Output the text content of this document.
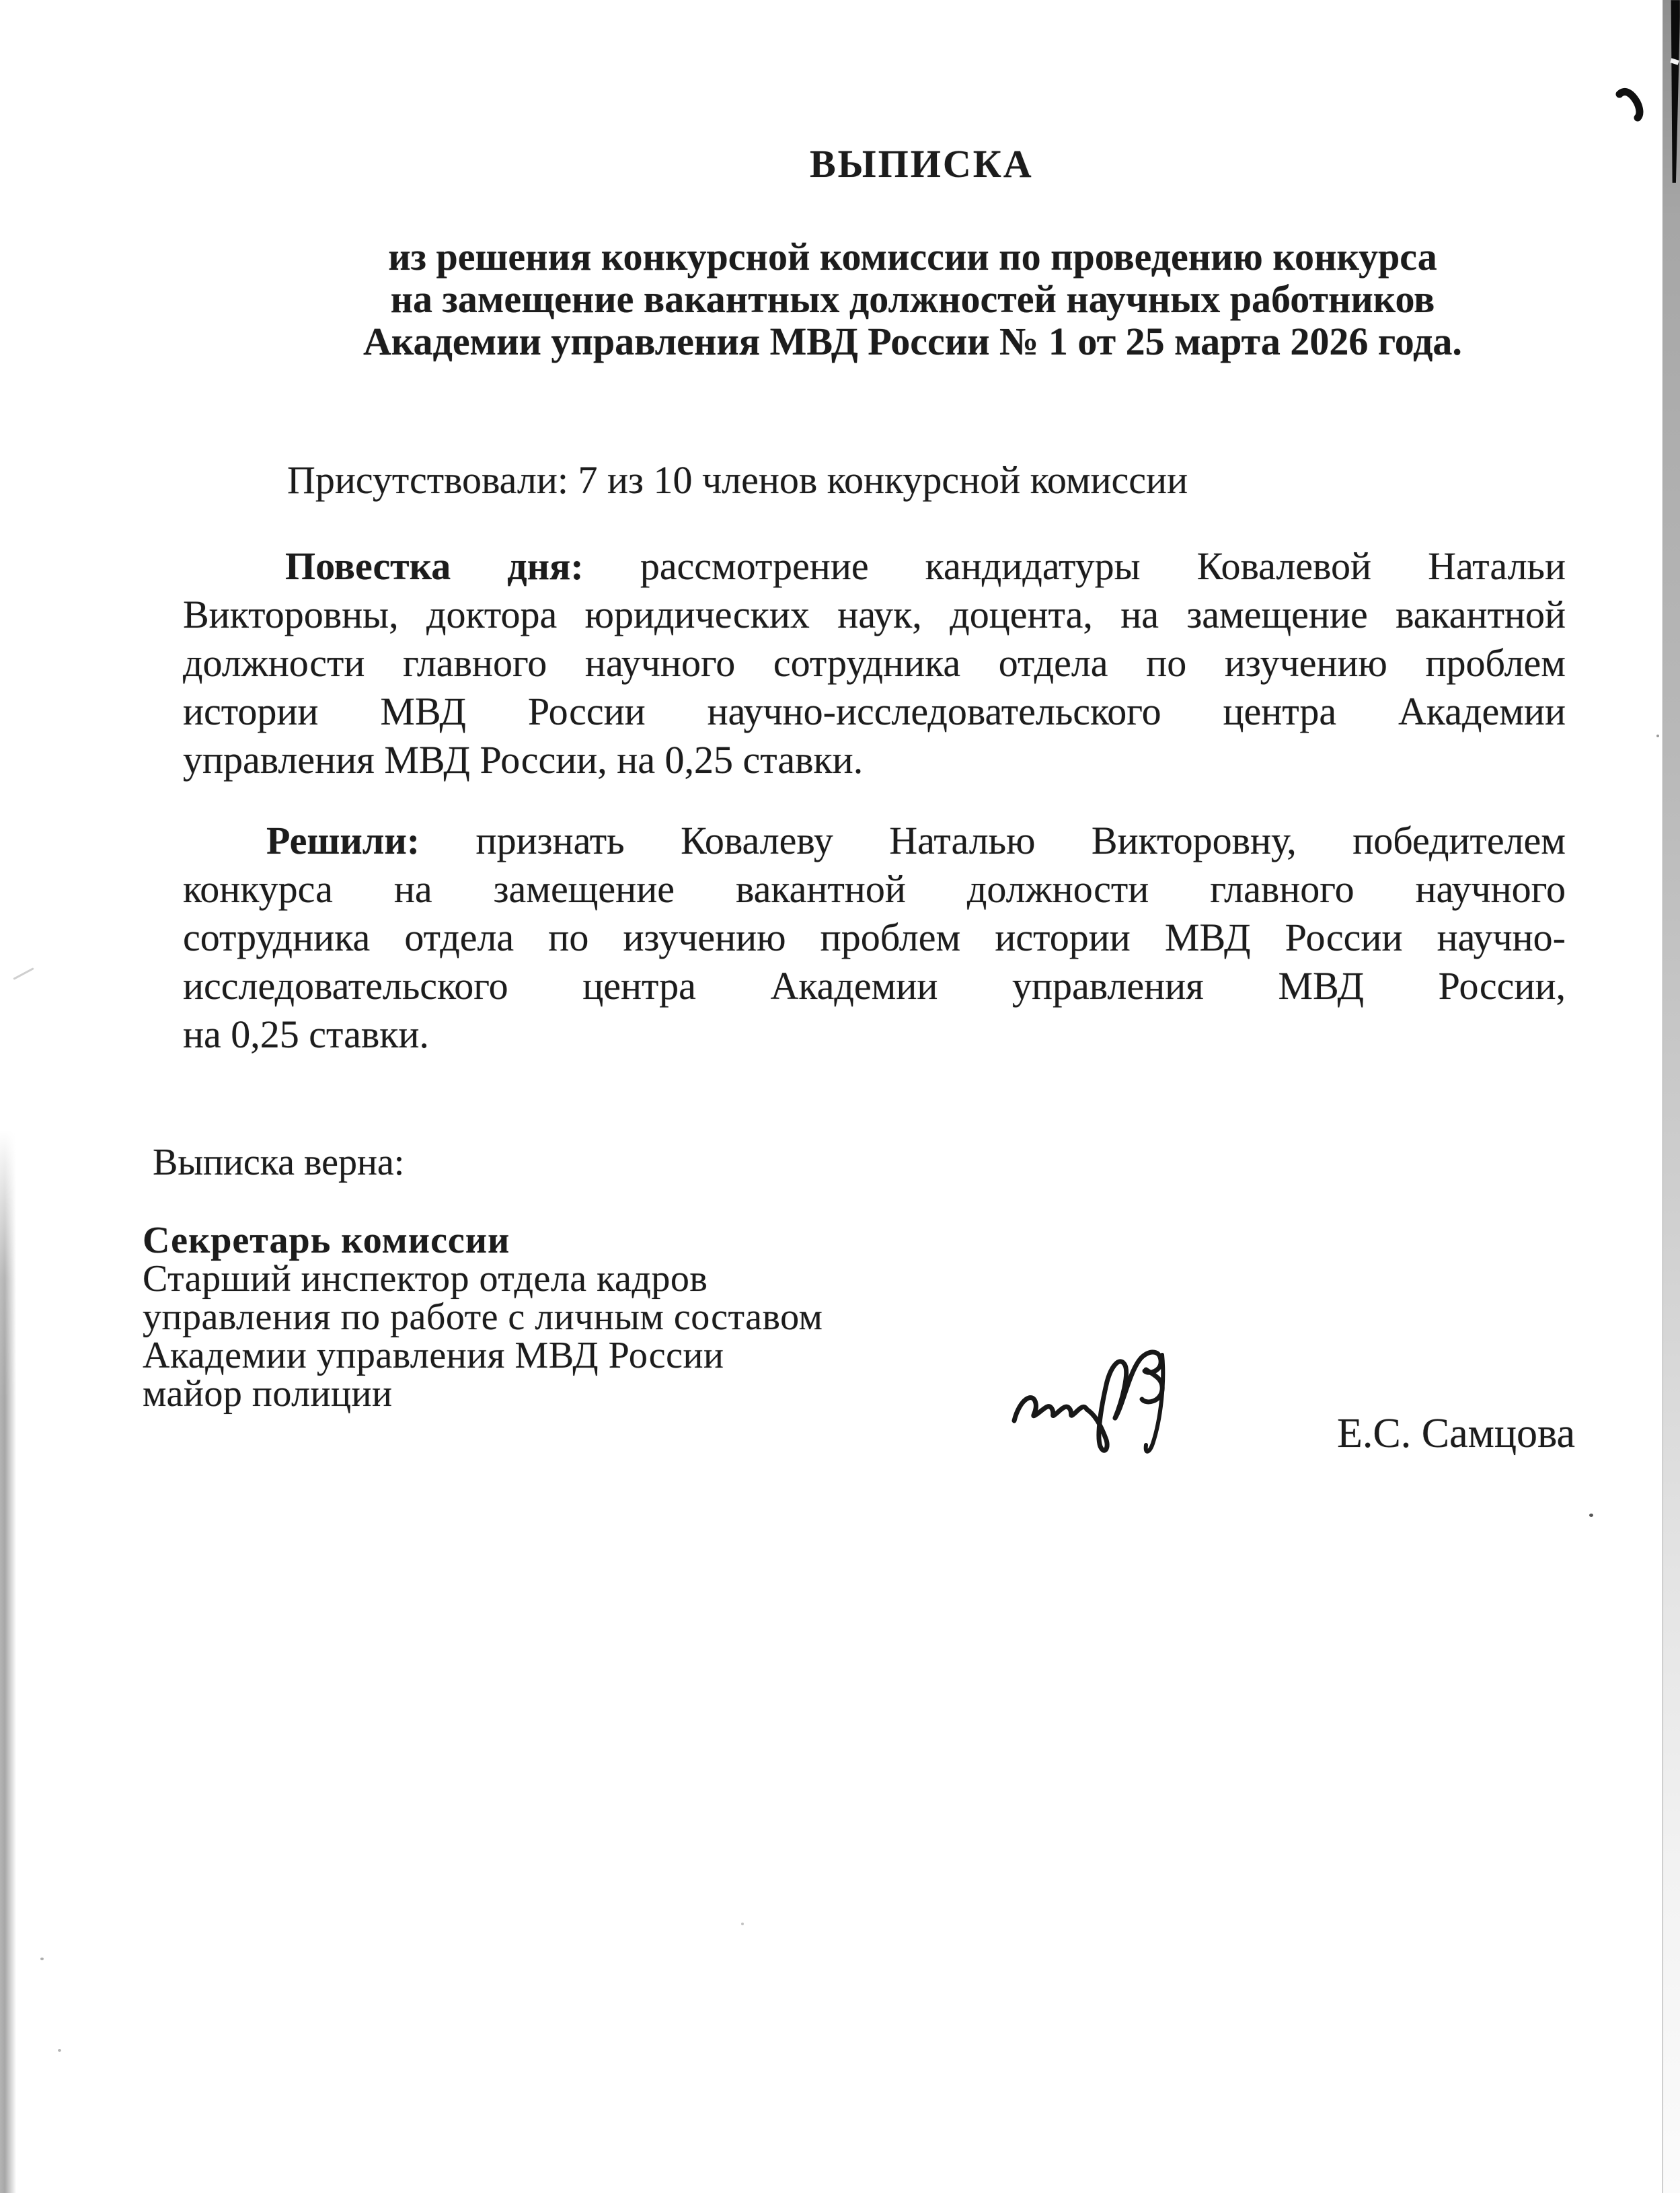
ВЫПИСКА
из решения конкурсной комиссии по проведению конкурса
на замещение вакантных должностей научных работников
Академии управления МВД России № 1 от 25 марта 2026 года.
Присутствовали: 7 из 10 членов конкурсной комиссии
Повестка дня: рассмотрение кандидатуры Ковалевой Натальи
Викторовны, доктора юридических наук, доцента, на замещение вакантной
должности главного научного сотрудника отдела по изучению проблем
истории МВД России научно-исследовательского центра Академии
управления МВД России, на 0,25 ставки.
Решили: признать Ковалеву Наталью Викторовну, победителем
конкурса на замещение вакантной должности главного научного
сотрудника отдела по изучению проблем истории МВД России научно-
исследовательского центра Академии управления МВД России,
на 0,25 ставки.
Выписка верна:
Секретарь комиссии
Старший инспектор отдела кадров
управления по работе с личным составом
Академии управления МВД России
майор полиции
Е.С. Самцова
